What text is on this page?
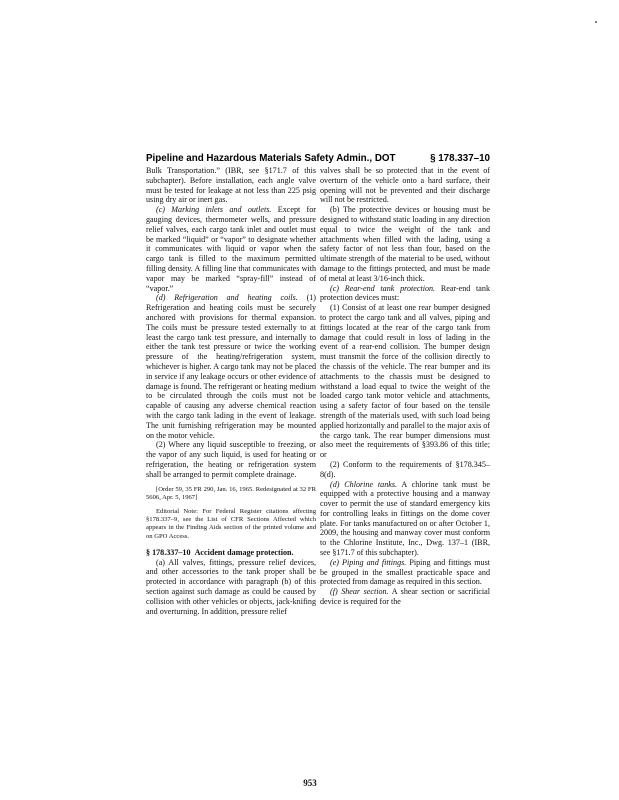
Pipeline and Hazardous Materials Safety Admin., DOT	§ 178.337–10

Bulk Transportation.” (IBR, see §171.7 of this subchapter). Before installation, each angle valve must be tested for leakage at not less than 225 psig using dry air or inert gas.

(c) Marking inlets and outlets. Except for gauging devices, thermometer wells, and pressure relief valves, each cargo tank inlet and outlet must be marked “liquid” or “vapor” to designate whether it communicates with liquid or vapor when the cargo tank is filled to the maximum permitted filling density. A filling line that communicates with vapor may be marked “spray-fill” instead of “vapor.”

(d) Refrigeration and heating coils. (1) Refrigeration and heating coils must be securely anchored with provisions for thermal expansion. The coils must be pressure tested externally to at least the cargo tank test pressure, and internally to either the tank test pressure or twice the working pressure of the heating/refrigeration system, whichever is higher. A cargo tank may not be placed in service if any leakage occurs or other evidence of damage is found. The refrigerant or heating medium to be circulated through the coils must not be capable of causing any adverse chemical reaction with the cargo tank lading in the event of leakage. The unit furnishing refrigeration may be mounted on the motor vehicle.

(2) Where any liquid susceptible to freezing, or the vapor of any such liquid, is used for heating or refrigeration, the heating or refrigeration system shall be arranged to permit complete drainage.

[Order 59, 35 FR 290, Jan. 16, 1965. Redesignated at 32 FR 5606, Apr. 5, 1967]

Editorial Note: For Federal Register citations affecting §178.337–9, see the List of CFR Sections Affected which appears in the Finding Aids section of the printed volume and on GPO Access.

§ 178.337–10 Accident damage protection.

(a) All valves, fittings, pressure relief devices, and other accessories to the tank proper shall be protected in accordance with paragraph (b) of this section against such damage as could be caused by collision with other vehicles or objects, jack-knifing and overturning. In addition, pressure relief

valves shall be so protected that in the event of overturn of the vehicle onto a hard surface, their opening will not be prevented and their discharge will not be restricted.

(b) The protective devices or housing must be designed to withstand static loading in any direction equal to twice the weight of the tank and attachments when filled with the lading, using a safety factor of not less than four, based on the ultimate strength of the material to be used, without damage to the fittings protected, and must be made of metal at least 3/16-inch thick.

(c) Rear-end tank protection. Rear-end tank protection devices must:

(1) Consist of at least one rear bumper designed to protect the cargo tank and all valves, piping and fittings located at the rear of the cargo tank from damage that could result in loss of lading in the event of a rear-end collision. The bumper design must transmit the force of the collision directly to the chassis of the vehicle. The rear bumper and its attachments to the chassis must be designed to withstand a load equal to twice the weight of the loaded cargo tank motor vehicle and attachments, using a safety factor of four based on the tensile strength of the materials used, with such load being applied horizontally and parallel to the major axis of the cargo tank. The rear bumper dimensions must also meet the requirements of §393.86 of this title; or

(2) Conform to the requirements of §178.345–8(d).

(d) Chlorine tanks. A chlorine tank must be equipped with a protective housing and a manway cover to permit the use of standard emergency kits for controlling leaks in fittings on the dome cover plate. For tanks manufactured on or after October 1, 2009, the housing and manway cover must conform to the Chlorine Institute, Inc., Dwg. 137–1 (IBR, see §171.7 of this subchapter).

(e) Piping and fittings. Piping and fittings must be grouped in the smallest practicable space and protected from damage as required in this section.

(f) Shear section. A shear section or sacrificial device is required for the

953
